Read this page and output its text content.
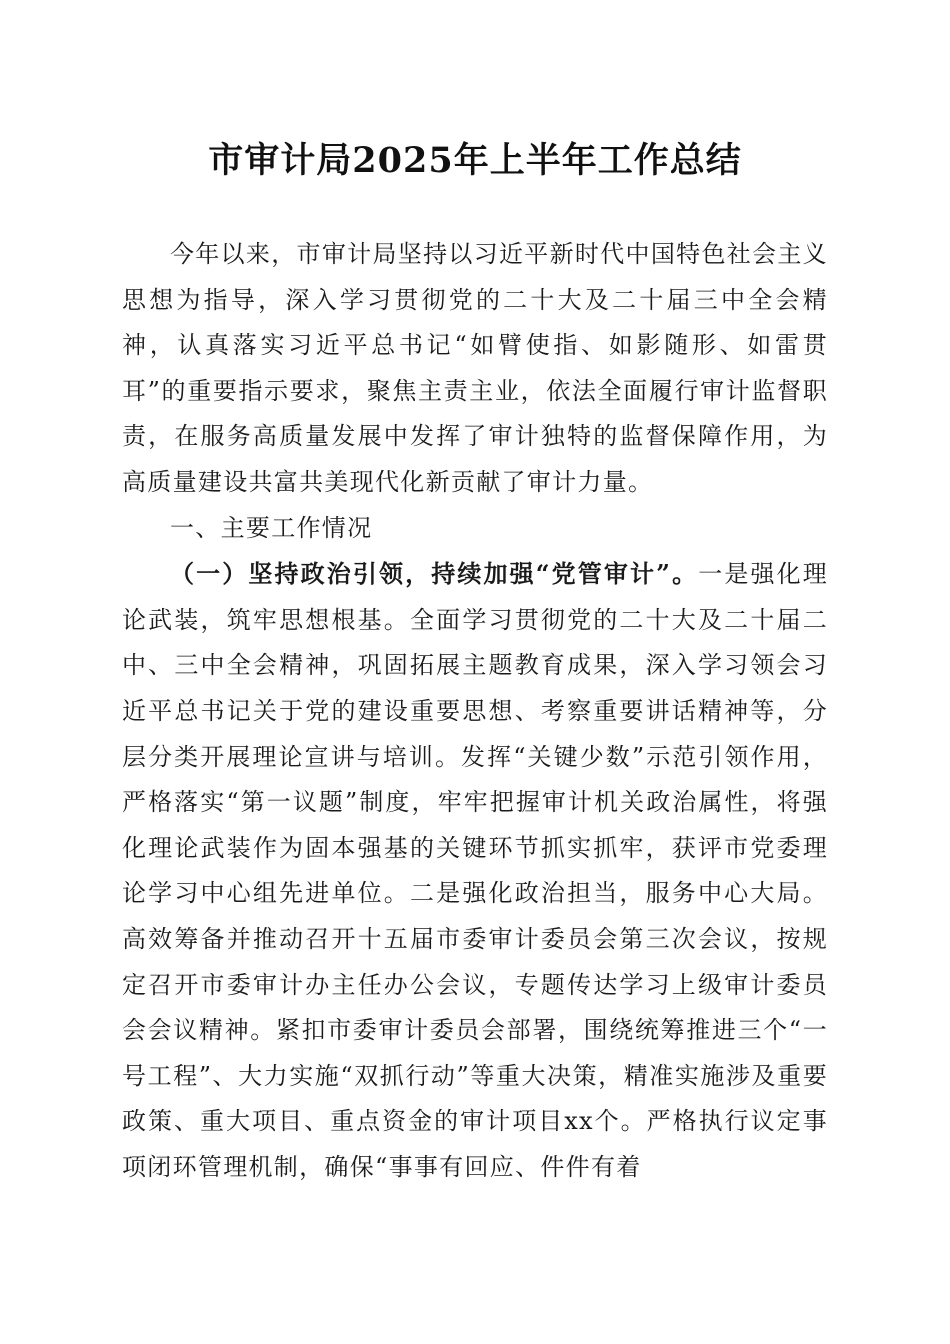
市审计局2025年上半年工作总结

今年以来，市审计局坚持以习近平新时代中国特色社会主义思想为指导，深入学习贯彻党的二十大及二十届三中全会精神，认真落实习近平总书记“如臂使指、如影随形、如雷贯耳”的重要指示要求，聚焦主责主业，依法全面履行审计监督职责，在服务高质量发展中发挥了审计独特的监督保障作用，为高质量建设共富共美现代化新贡献了审计力量。

一、主要工作情况

（一）坚持政治引领，持续加强“党管审计”。一是强化理论武装，筑牢思想根基。全面学习贯彻党的二十大及二十届二中、三中全会精神，巩固拓展主题教育成果，深入学习领会习近平总书记关于党的建设重要思想、考察重要讲话精神等，分层分类开展理论宣讲与培训。发挥“关键少数”示范引领作用，严格落实“第一议题”制度，牢牢把握审计机关政治属性，将强化理论武装作为固本强基的关键环节抓实抓牢，获评市党委理论学习中心组先进单位。二是强化政治担当，服务中心大局。高效筹备并推动召开十五届市委审计委员会第三次会议，按规定召开市委审计办主任办公会议，专题传达学习上级审计委员会会议精神。紧扣市委审计委员会部署，围绕统筹推进三个“一号工程”、大力实施“双抓行动”等重大决策，精准实施涉及重要政策、重大项目、重点资金的审计项目xx个。严格执行议定事项闭环管理机制，确保“事事有回应、件件有着
